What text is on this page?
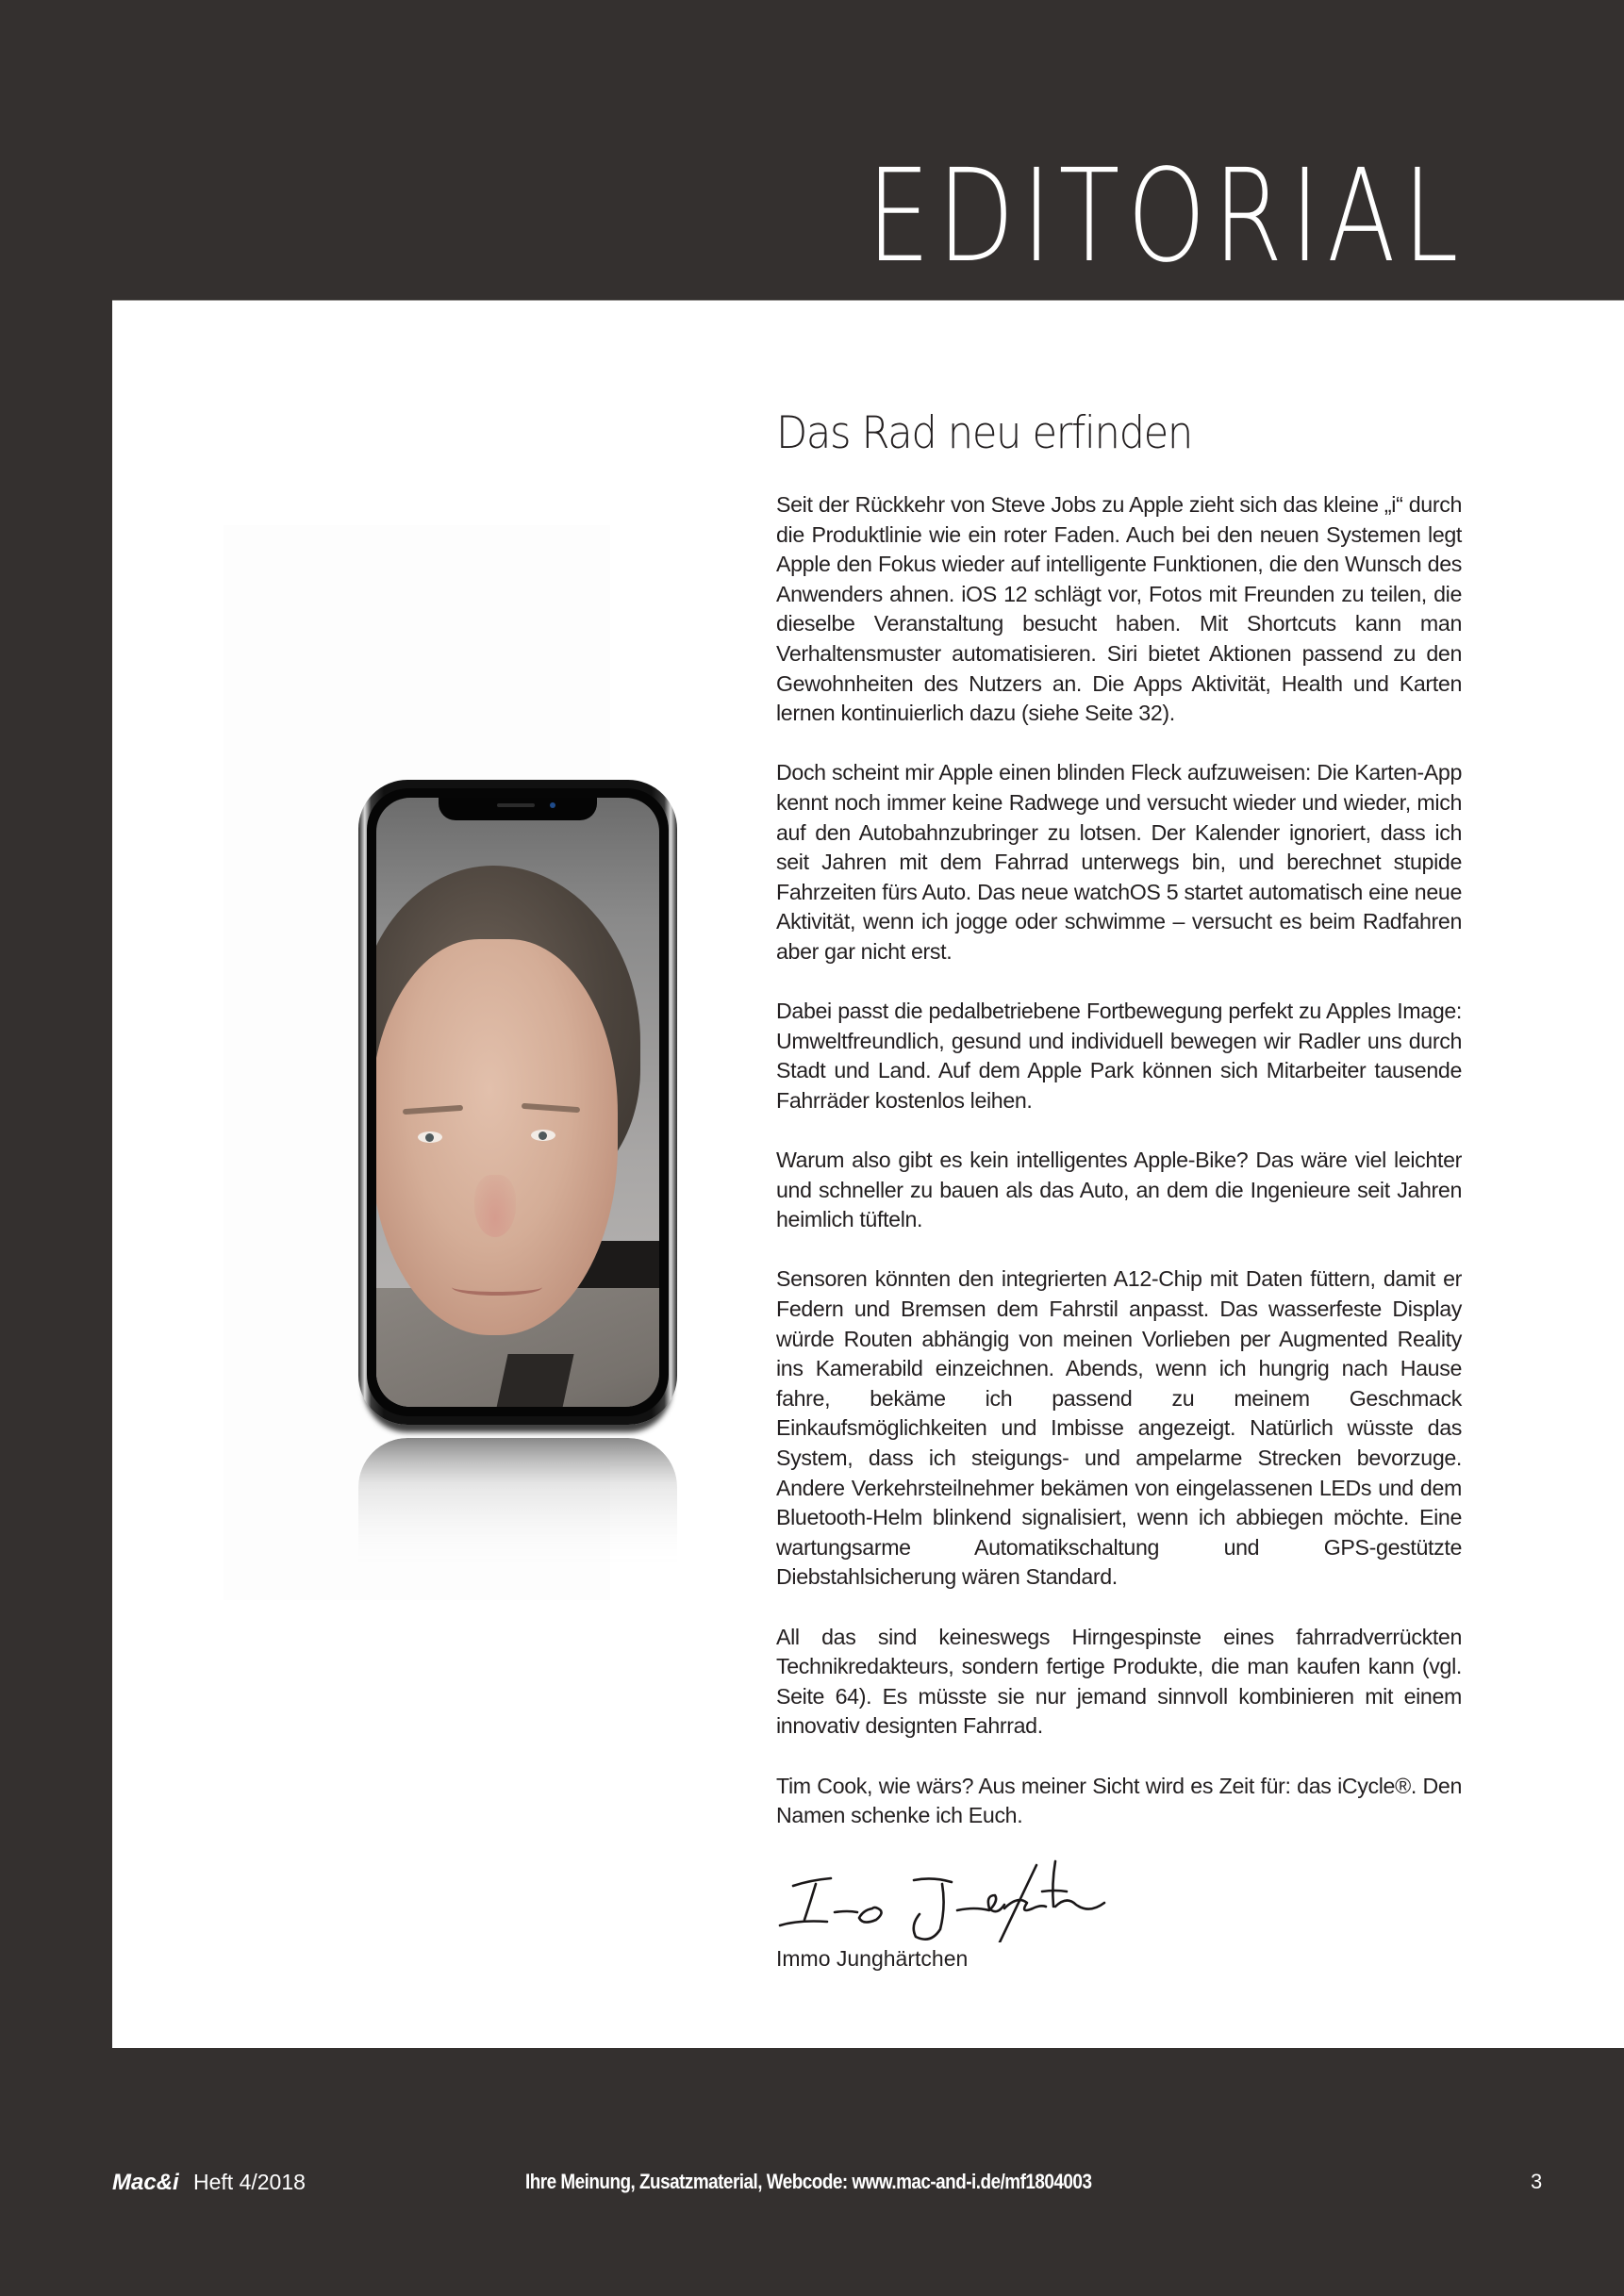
EDITORIAL
Das Rad neu erfinden

Seit der Rückkehr von Steve Jobs zu Apple zieht sich das kleine „i“ durch die Produktlinie wie ein roter Faden. Auch bei den neuen Systemen legt Apple den Fokus wieder auf intelligente Funktionen, die den Wunsch des Anwenders ahnen. iOS 12 schlägt vor, Fotos mit Freunden zu teilen, die dieselbe Veranstaltung besucht haben. Mit Shortcuts kann man Verhaltensmuster automatisieren. Siri bietet Aktionen passend zu den Gewohnheiten des Nutzers an. Die Apps Aktivität, Health und Karten lernen kontinuierlich dazu (siehe Seite 32).

Doch scheint mir Apple einen blinden Fleck aufzuweisen: Die Karten-App kennt noch immer keine Radwege und versucht wieder und wieder, mich auf den Autobahnzubringer zu lotsen. Der Kalender ignoriert, dass ich seit Jahren mit dem Fahrrad unterwegs bin, und berechnet stupide Fahrzeiten fürs Auto. Das neue watchOS 5 startet automatisch eine neue Aktivität, wenn ich jogge oder schwimme – versucht es beim Radfahren aber gar nicht erst.

Dabei passt die pedalbetriebene Fortbewegung perfekt zu Apples Image: Umweltfreundlich, gesund und individuell bewegen wir Radler uns durch Stadt und Land. Auf dem Apple Park können sich Mitarbeiter tausende Fahrräder kostenlos leihen.

Warum also gibt es kein intelligentes Apple-Bike? Das wäre viel leichter und schneller zu bauen als das Auto, an dem die Ingenieure seit Jahren heimlich tüfteln.

Sensoren könnten den integrierten A12-Chip mit Daten füttern, damit er Federn und Bremsen dem Fahrstil anpasst. Das wasserfeste Display würde Routen abhängig von meinen Vorlieben per Augmented Reality ins Kamerabild einzeichnen. Abends, wenn ich hungrig nach Hause fahre, bekäme ich passend zu meinem Geschmack Einkaufsmöglichkeiten und Imbisse angezeigt. Natürlich wüsste das System, dass ich steigungs- und ampelarme Strecken bevorzuge. Andere Verkehrsteilnehmer bekämen von eingelassenen LEDs und dem Bluetooth-Helm blinkend signalisiert, wenn ich abbiegen möchte. Eine wartungsarme Automatikschaltung und GPS-gestützte Diebstahlsicherung wären Standard.

All das sind keineswegs Hirngespinste eines fahrradverrückten Technikredakteurs, sondern fertige Produkte, die man kaufen kann (vgl. Seite 64). Es müsste sie nur jemand sinnvoll kombinieren mit einem innovativ designten Fahrrad.

Tim Cook, wie wärs? Aus meiner Sicht wird es Zeit für: das iCycle®. Den Namen schenke ich Euch.

Immo Junghärtchen
Mac&i Heft 4/2018	Ihre Meinung, Zusatzmaterial, Webcode: www.mac-and-i.de/mf1804003	3
